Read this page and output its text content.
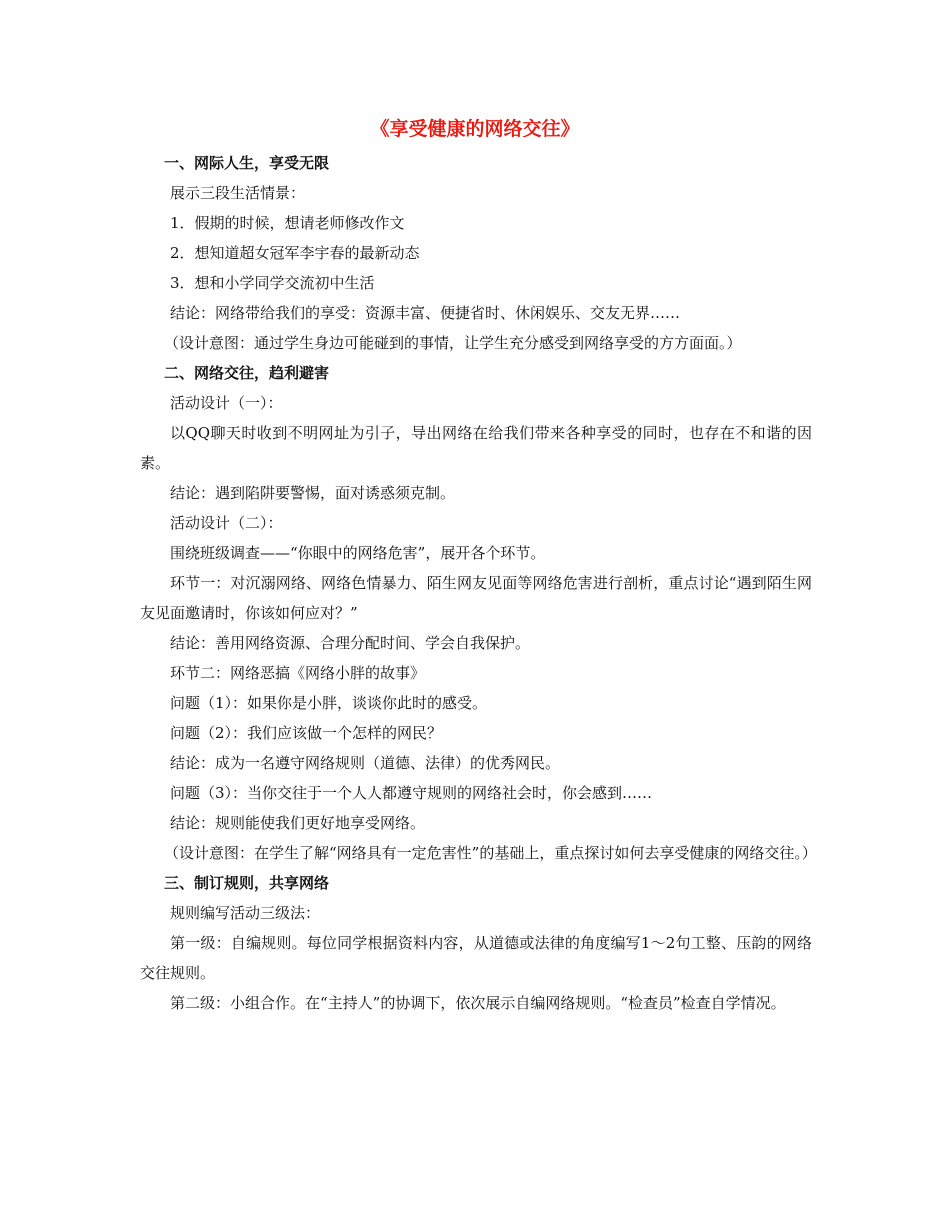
《享受健康的网络交往》

一、网际人生，享受无限

展示三段生活情景：

1．假期的时候，想请老师修改作文

2．想知道超女冠军李宇春的最新动态

3．想和小学同学交流初中生活

结论：网络带给我们的享受：资源丰富、便捷省时、休闲娱乐、交友无界……

（设计意图：通过学生身边可能碰到的事情，让学生充分感受到网络享受的方方面面。）

二、网络交往，趋利避害

活动设计（一）：

以QQ聊天时收到不明网址为引子，导出网络在给我们带来各种享受的同时，也存在不和谐的因素。

结论：遇到陷阱要警惕，面对诱惑须克制。

活动设计（二）：

围绕班级调查——“你眼中的网络危害”，展开各个环节。

环节一：对沉溺网络、网络色情暴力、陌生网友见面等网络危害进行剖析，重点讨论“遇到陌生网友见面邀请时，你该如何应对？”

结论：善用网络资源、合理分配时间、学会自我保护。

环节二：网络恶搞《网络小胖的故事》

问题（1）：如果你是小胖，谈谈你此时的感受。

问题（2）：我们应该做一个怎样的网民？

结论：成为一名遵守网络规则（道德、法律）的优秀网民。

问题（3）：当你交往于一个人人都遵守规则的网络社会时，你会感到……

结论：规则能使我们更好地享受网络。

（设计意图：在学生了解“网络具有一定危害性”的基础上，重点探讨如何去享受健康的网络交往。）

三、制订规则，共享网络

规则编写活动三级法：

第一级：自编规则。每位同学根据资料内容，从道德或法律的角度编写1～2句工整、压韵的网络交往规则。

第二级：小组合作。在“主持人”的协调下，依次展示自编网络规则。“检查员”检查自学情况。
